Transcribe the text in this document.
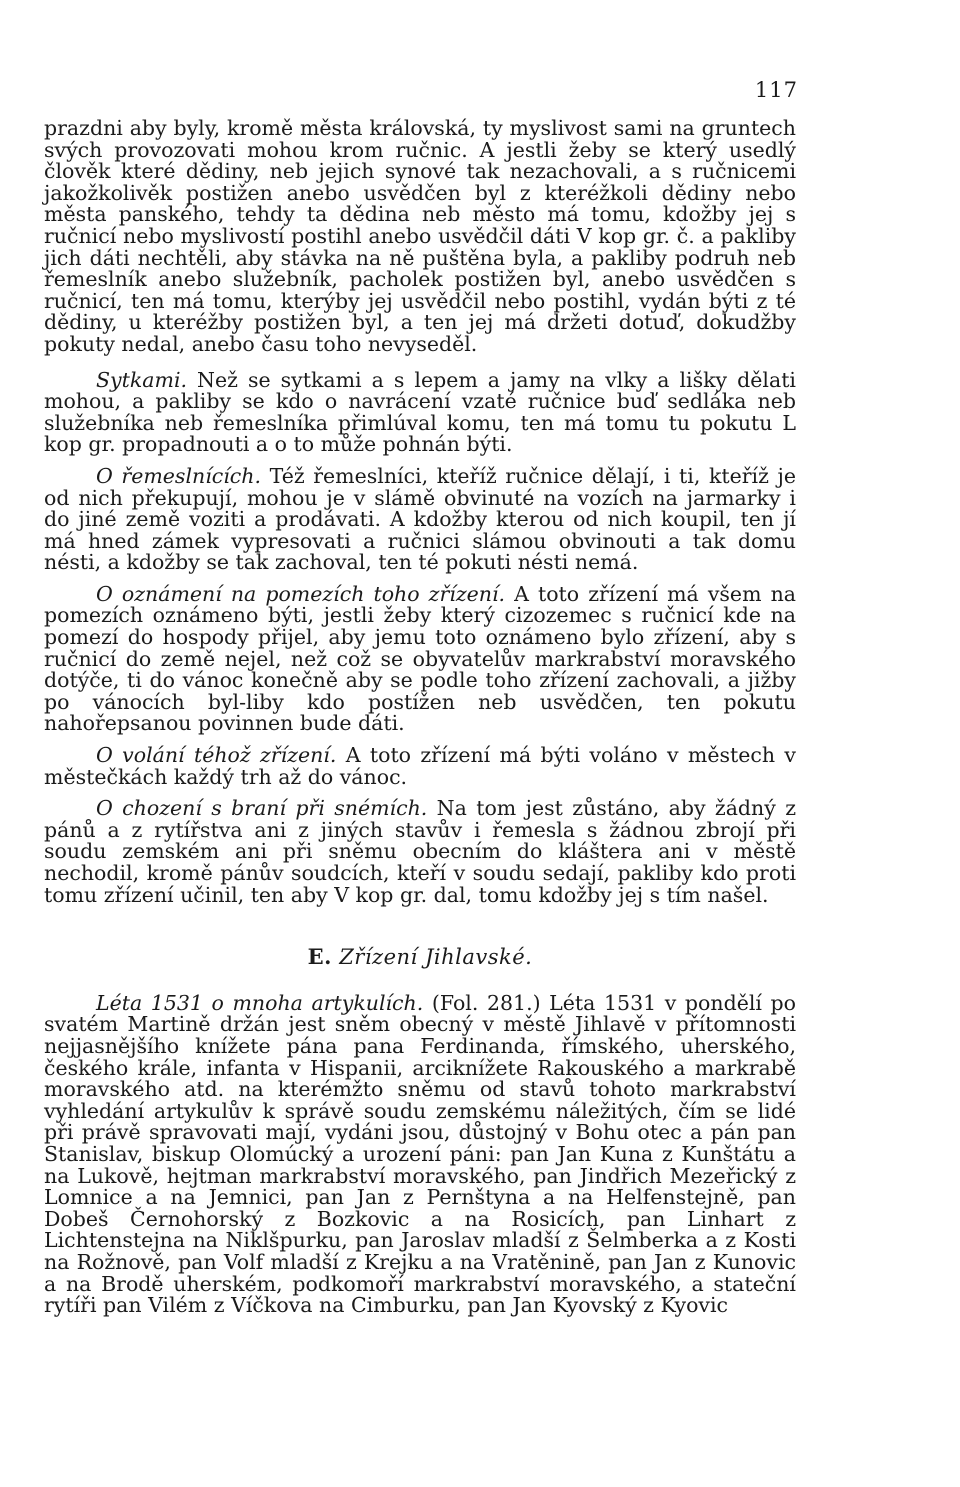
117

prazdni aby byly, kromě města královská, ty myslivost sami na gruntech svých provozovati mohou krom ručnic. A jestli žeby se který usedlý člověk které dědiny, neb jejich synové tak nezachovali, a s ručnicemi jakožkolivěk postižen anebo usvědčen byl z kteréžkoli dědiny nebo města panského, tehdy ta dědina neb město má tomu, kdožby jej s ručnicí nebo myslivostí postihl anebo usvědčil dáti V kop gr. č. a pakliby jich dáti nechtěli, aby stávka na ně puštěna byla, a pakliby podruh neb řemeslník anebo služebník, pacholek postižen byl, anebo usvědčen s ručnicí, ten má tomu, kterýby jej usvědčil nebo postihl, vydán býti z té dědiny, u kteréžby postižen byl, a ten jej má držeti dotuď, dokudžby pokuty nedal, anebo času toho nevyseděl.

Sytkami. Než se sytkami a s lepem a jamy na vlky a lišky dělati mohou, a pakliby se kdo o navrácení vzaté ručnice buď sedláka neb služebníka neb řemeslníka přimlúval komu, ten má tomu tu pokutu L kop gr. propadnouti a o to může pohnán býti.

O řemeslnících. Též řemeslníci, kteříž ručnice dělají, i ti, kteříž je od nich překupují, mohou je v slámě obvinuté na vozích na jarmarky i do jiné země voziti a prodávati. A kdožby kterou od nich koupil, ten jí má hned zámek vypresovati a ručnici slámou obvinouti a tak domu nésti, a kdožby se tak zachoval, ten té pokuti nésti nemá.

O oznámení na pomezích toho zřízení. A toto zřízení má všem na pomezích oznámeno býti, jestli žeby který cizozemec s ručnicí kde na pomezí do hospody přijel, aby jemu toto oznámeno bylo zřízení, aby s ručnicí do země nejel, než což se obyvatelův markrabství moravského dotýče, ti do vánoc konečně aby se podle toho zřízení zachovali, a jižby po vánocích byl-liby kdo postížen neb usvědčen, ten pokutu nahořepsanou povinnen bude dáti.

O volání téhož zřízení. A toto zřízení má býti voláno v městech v městečkách každý trh až do vánoc.

O chození s braní při snémích. Na tom jest zůstáno, aby žádný z pánů a z rytířstva ani z jiných stavův i řemesla s žádnou zbrojí při soudu zemském ani při sněmu obecním do kláštera ani v městě nechodil, kromě pánův soudcích, kteří v soudu sedají, pakliby kdo proti tomu zřízení učinil, ten aby V kop gr. dal, tomu kdožby jej s tím našel.

E. Zřízení Jihlavské.

Léta 1531 o mnoha artykulích. (Fol. 281.) Léta 1531 v pondělí po svatém Martině držán jest sněm obecný v městě Jihlavě v přítomnosti nejjasnějšího knížete pána pana Ferdinanda, římského, uherského, českého krále, infanta v Hispanii, arciknížete Rakouského a markrabě moravského atd. na kterémžto sněmu od stavů tohoto markrabství vyhledání artykulův k správě soudu zemskému náležitých, čím se lidé při právě spravovati mají, vydáni jsou, důstojný v Bohu otec a pán pan Stanislav, biskup Olomúcký a urození páni: pan Jan Kuna z Kunštátu a na Lukově, hejtman markrabství moravského, pan Jindřich Mezeřický z Lomnice a na Jemnici, pan Jan z Pernštyna a na Helfenstejně, pan Dobeš Černohorský z Bozkovic a na Rosicích, pan Linhart z Lichtenstejna na Niklšpurku, pan Jaroslav mladší z Šelmberka a z Kosti na Rožnově, pan Volf mladší z Krejku a na Vratěnině, pan Jan z Kunovic a na Brodě uherském, podkomoří markrabství moravského, a stateční rytíři pan Vilém z Víčkova na Cimburku, pan Jan Kyovský z Kyovic
